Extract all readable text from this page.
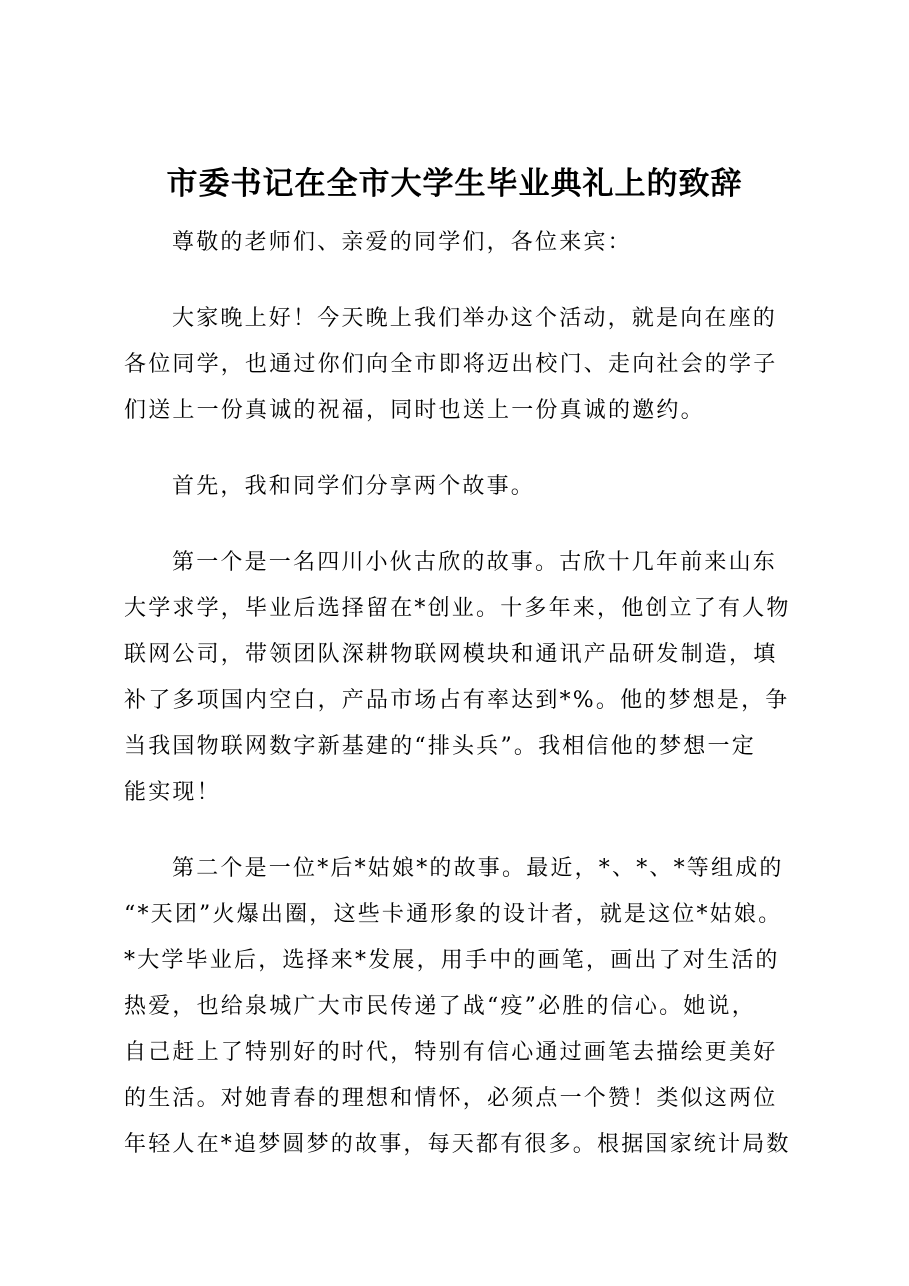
市委书记在全市大学生毕业典礼上的致辞
尊敬的老师们、亲爱的同学们，各位来宾：
大家晚上好！今天晚上我们举办这个活动，就是向在座的
各位同学，也通过你们向全市即将迈出校门、走向社会的学子
们送上一份真诚的祝福，同时也送上一份真诚的邀约。
首先，我和同学们分享两个故事。
第一个是一名四川小伙古欣的故事。古欣十几年前来山东
大学求学，毕业后选择留在*创业。十多年来，他创立了有人物
联网公司，带领团队深耕物联网模块和通讯产品研发制造，填
补了多项国内空白，产品市场占有率达到*%。他的梦想是，争
当我国物联网数字新基建的“排头兵”。我相信他的梦想一定
能实现！
第二个是一位*后*姑娘*的故事。最近，*、*、*等组成的
“*天团”火爆出圈，这些卡通形象的设计者，就是这位*姑娘。
*大学毕业后，选择来*发展，用手中的画笔，画出了对生活的
热爱，也给泉城广大市民传递了战“疫”必胜的信心。她说，
自己赶上了特别好的时代，特别有信心通过画笔去描绘更美好
的生活。对她青春的理想和情怀，必须点一个赞！类似这两位
年轻人在*追梦圆梦的故事，每天都有很多。根据国家统计局数
